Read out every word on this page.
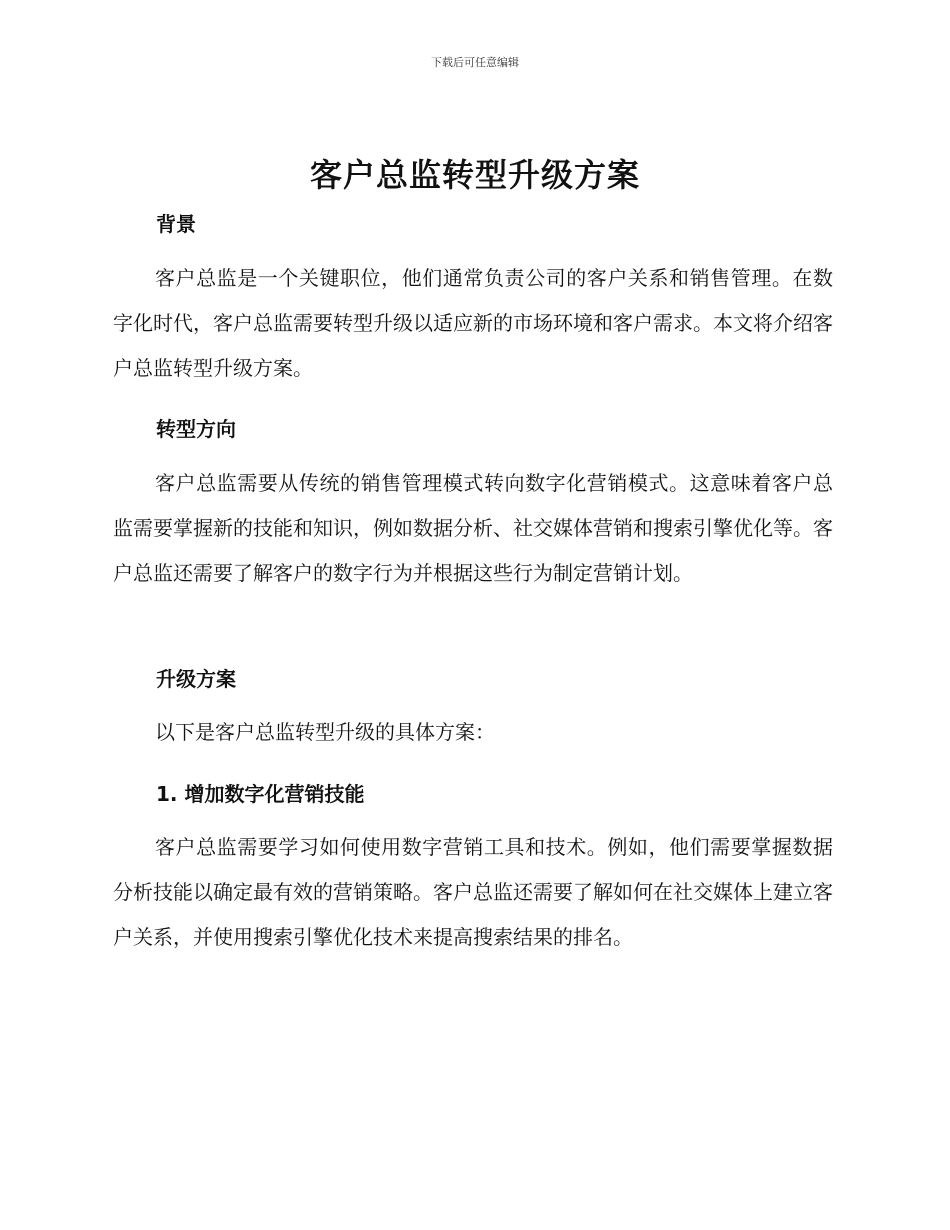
下载后可任意编辑
客户总监转型升级方案
背景

客户总监是一个关键职位，他们通常负责公司的客户关系和销售管理。在数字化时代，客户总监需要转型升级以适应新的市场环境和客户需求。本文将介绍客户总监转型升级方案。

转型方向

客户总监需要从传统的销售管理模式转向数字化营销模式。这意味着客户总监需要掌握新的技能和知识，例如数据分析、社交媒体营销和搜索引擎优化等。客户总监还需要了解客户的数字行为并根据这些行为制定营销计划。

升级方案

以下是客户总监转型升级的具体方案：

1. 增加数字化营销技能

客户总监需要学习如何使用数字营销工具和技术。例如，他们需要掌握数据分析技能以确定最有效的营销策略。客户总监还需要了解如何在社交媒体上建立客户关系，并使用搜索引擎优化技术来提高搜索结果的排名。
